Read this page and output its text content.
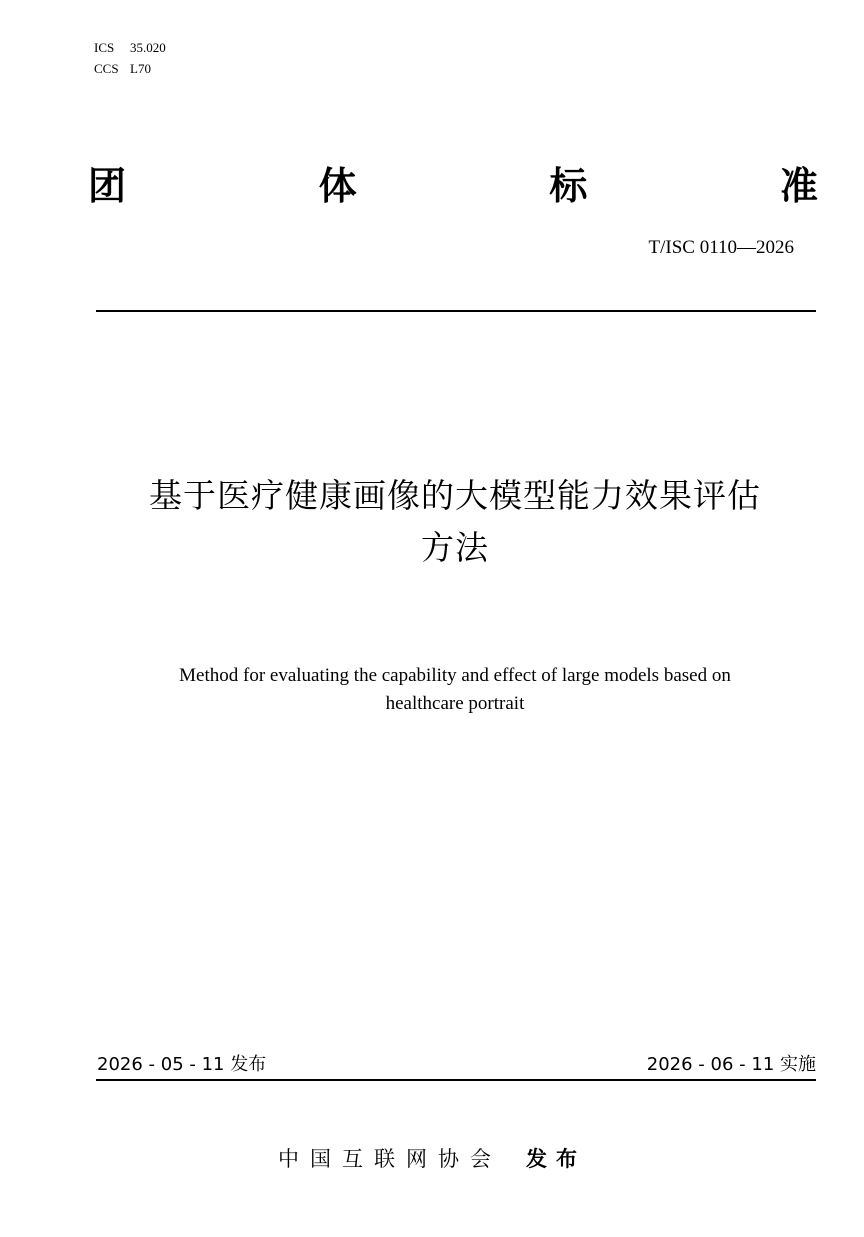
ICS 35.020
CCS L70
团	体	标	准
T/ISC 0110—2026
基于医疗健康画像的大模型能力效果评估
方法
Method for evaluating the capability and effect of large models based on
healthcare portrait
2026 - 05 - 11 发布	2026 - 06 - 11 实施
中国互联网协会 发布
